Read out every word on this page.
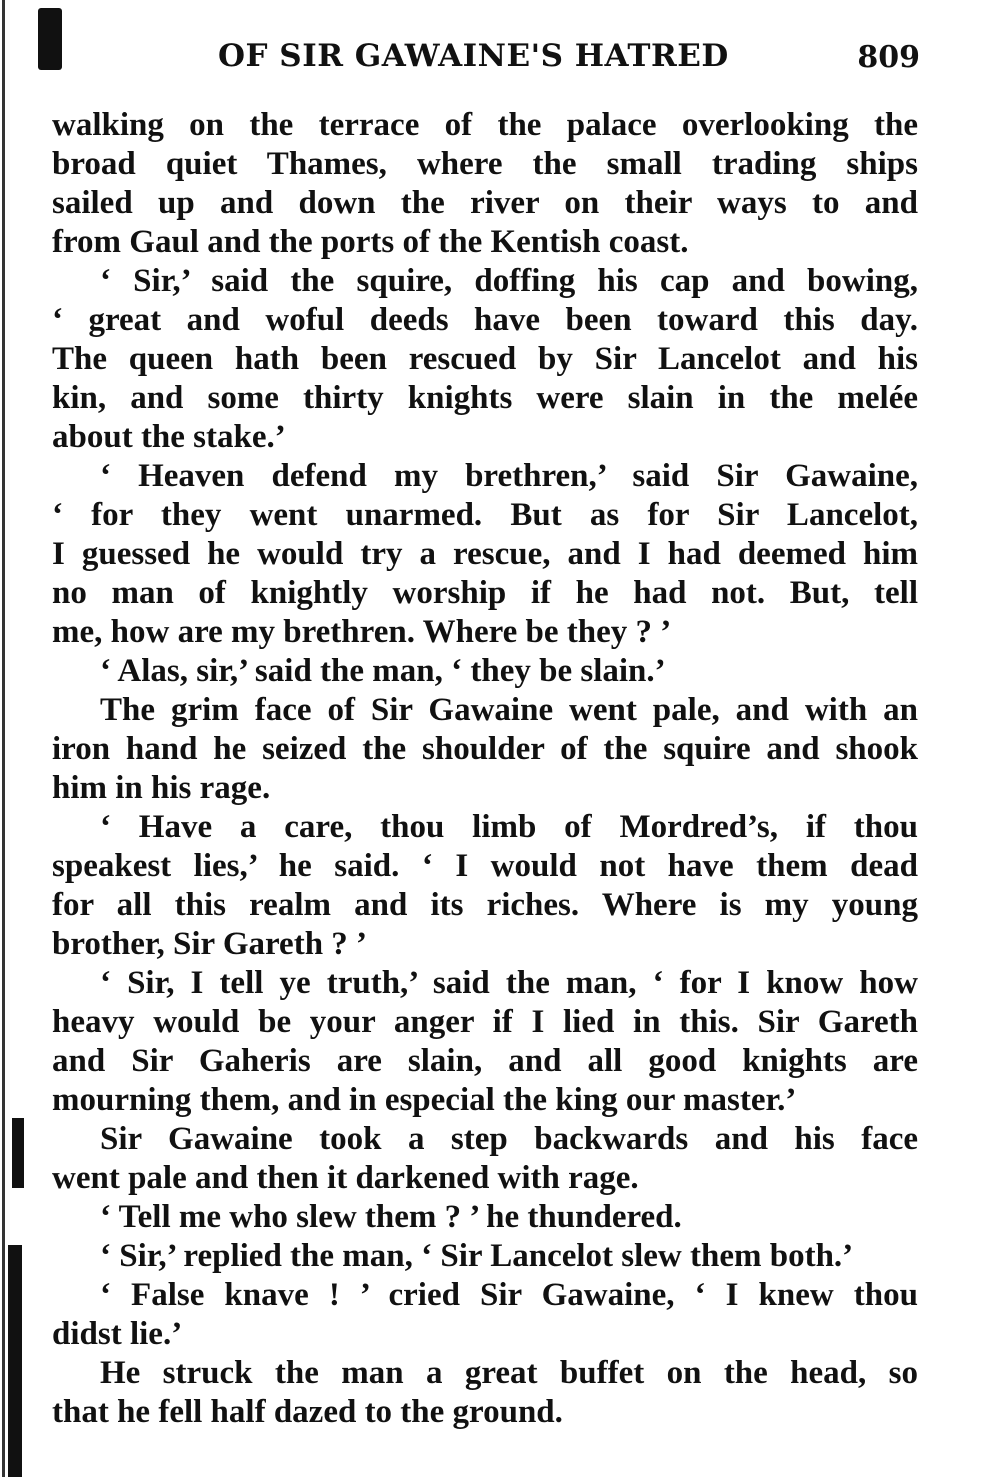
OF SIR GAWAINE'S HATRED	809
walking on the terrace of the palace overlooking the
broad quiet Thames, where the small trading ships
sailed up and down the river on their ways to and
from Gaul and the ports of the Kentish coast.
‘ Sir,’ said the squire, doffing his cap and bowing,
‘ great and woful deeds have been toward this day.
The queen hath been rescued by Sir Lancelot and his
kin, and some thirty knights were slain in the melée
about the stake.’
‘ Heaven defend my brethren,’ said Sir Gawaine,
‘ for they went unarmed. But as for Sir Lancelot,
I guessed he would try a rescue, and I had deemed him
no man of knightly worship if he had not. But, tell
me, how are my brethren. Where be they ? ’
‘ Alas, sir,’ said the man, ‘ they be slain.’
The grim face of Sir Gawaine went pale, and with an
iron hand he seized the shoulder of the squire and shook
him in his rage.
‘ Have a care, thou limb of Mordred’s, if thou
speakest lies,’ he said. ‘ I would not have them dead
for all this realm and its riches. Where is my young
brother, Sir Gareth ? ’
‘ Sir, I tell ye truth,’ said the man, ‘ for I know how
heavy would be your anger if I lied in this. Sir Gareth
and Sir Gaheris are slain, and all good knights are
mourning them, and in especial the king our master.’
Sir Gawaine took a step backwards and his face
went pale and then it darkened with rage.
‘ Tell me who slew them ? ’ he thundered.
‘ Sir,’ replied the man, ‘ Sir Lancelot slew them both.’
‘ False knave ! ’ cried Sir Gawaine, ‘ I knew thou
didst lie.’
He struck the man a great buffet on the head, so
that he fell half dazed to the ground.
